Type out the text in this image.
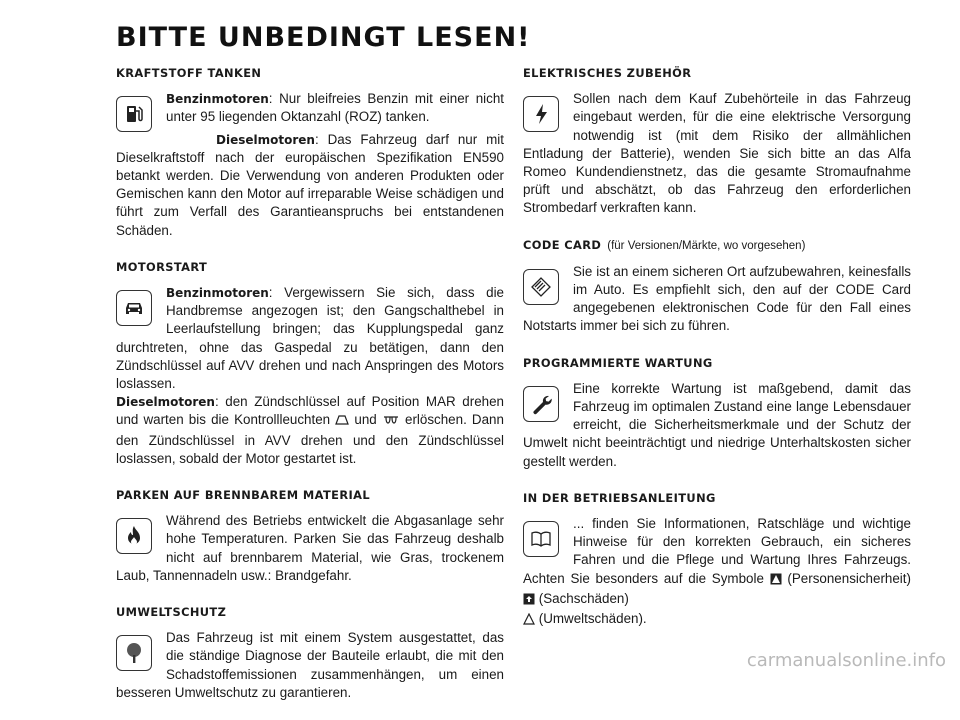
BITTE UNBEDINGT LESEN!
KRAFTSTOFF TANKEN

Benzinmotoren: Nur bleifreies Benzin mit einer nicht unter 95 liegenden Oktanzahl (ROZ) tanken.

Dieselmotoren: Das Fahrzeug darf nur mit Dieselkraftstoff nach der europäischen Spezifikation EN590 betankt werden. Die Verwendung von anderen Produkten oder Gemischen kann den Motor auf irreparable Weise schädigen und führt zum Verfall des Garantieanspruchs bei entstandenen Schäden.

MOTORSTART

Benzinmotoren: Vergewissern Sie sich, dass die Handbremse angezogen ist; den Gangschalthebel in Leerlaufstellung bringen; das Kupplungspedal ganz durchtreten, ohne das Gaspedal zu betätigen, dann den Zündschlüssel auf AVV drehen und nach Anspringen des Motors loslassen.

Dieselmotoren: den Zündschlüssel auf Position MAR drehen und warten bis die Kontrollleuchten und erlöschen. Dann den Zündschlüssel in AVV drehen und den Zündschlüssel loslassen, sobald der Motor gestartet ist.

PARKEN AUF BRENNBAREM MATERIAL

Während des Betriebs entwickelt die Abgasanlage sehr hohe Temperaturen. Parken Sie das Fahrzeug deshalb nicht auf brennbarem Material, wie Gras, trockenem Laub, Tannennadeln usw.: Brandgefahr.

UMWELTSCHUTZ

Das Fahrzeug ist mit einem System ausgestattet, das die ständige Diagnose der Bauteile erlaubt, die mit den Schadstoffemissionen zusammenhängen, um einen besseren Umweltschutz zu garantieren.

ELEKTRISCHES ZUBEHÖR

Sollen nach dem Kauf Zubehörteile in das Fahrzeug eingebaut werden, für die eine elektrische Versorgung notwendig ist (mit dem Risiko der allmählichen Entladung der Batterie), wenden Sie sich bitte an das Alfa Romeo Kundendienstnetz, das die gesamte Stromaufnahme prüft und abschätzt, ob das Fahrzeug den erforderlichen Strombedarf verkraften kann.

CODE CARD (für Versionen/Märkte, wo vorgesehen)

Sie ist an einem sicheren Ort aufzubewahren, keinesfalls im Auto. Es empfiehlt sich, den auf der CODE Card angegebenen elektronischen Code für den Fall eines Notstarts immer bei sich zu führen.

PROGRAMMIERTE WARTUNG

Eine korrekte Wartung ist maßgebend, damit das Fahrzeug im optimalen Zustand eine lange Lebensdauer erreicht, die Sicherheitsmerkmale und der Schutz der Umwelt nicht beeinträchtigt und niedrige Unterhaltskosten sicher gestellt werden.

IN DER BETRIEBSANLEITUNG

... finden Sie Informationen, Ratschläge und wichtige Hinweise für den korrekten Gebrauch, ein sicheres Fahren und die Pflege und Wartung Ihres Fahrzeugs. Achten Sie besonders auf die Symbole (Personensicherheit)  (Sachschäden)
(Umweltschäden).

carmanualsonline.info
